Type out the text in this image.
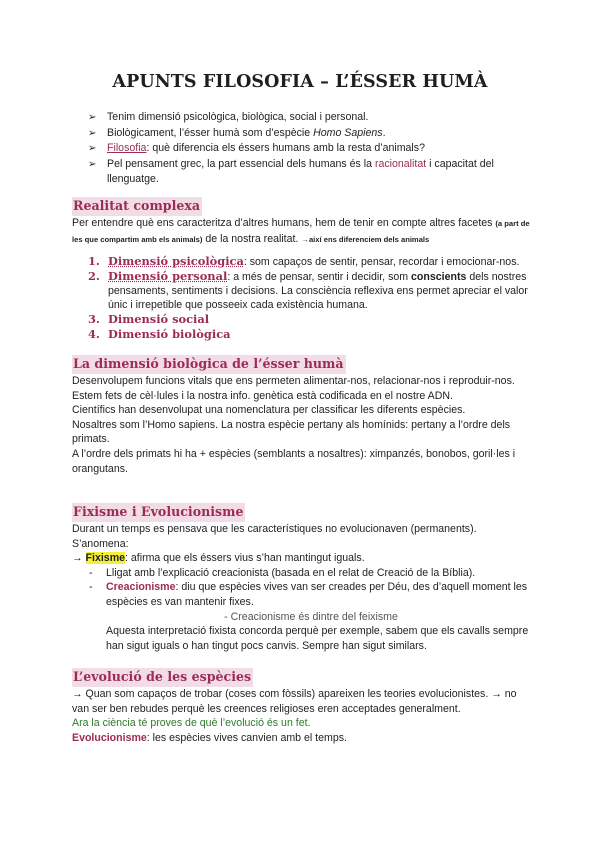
APUNTS FILOSOFIA – L’ÉSSER HUMÀ
➢ Tenim dimensió psicològica, biològica, social i personal.
➢ Biològicament, l’ésser humà som d’espècie Homo Sapiens.
➢ Filosofia: què diferencia els éssers humans amb la resta d’animals?
➢ Pel pensament grec, la part essencial dels humans és la racionalitat i capacitat del llenguatge.
Realitat complexa
Per entendre què ens caracteritza d’altres humans, hem de tenir en compte altres facetes (a part de les que compartim amb els animals) de la nostra realitat. →així ens diferenciem dels animals
1. Dimensió psicològica: som capaços de sentir, pensar, recordar i emocionar-nos.
2. Dimensió personal: a més de pensar, sentir i decidir, som conscients dels nostres pensaments, sentiments i decisions. La consciència reflexiva ens permet apreciar el valor únic i irrepetible que posseeix cada existència humana.
3. Dimensió social
4. Dimensió biològica
La dimensió biològica de l’ésser humà
Desenvolupem funcions vitals que ens permeten alimentar-nos, relacionar-nos i reproduir-nos.
Estem fets de cèl·lules i la nostra info. genètica està codificada en el nostre ADN.
Científics han desenvolupat una nomenclatura per classificar les diferents espècies.
Nosaltres som l’Homo sapiens. La nostra espècie pertany als homínids: pertany a l’ordre dels primats.
A l’ordre dels primats hi ha + espècies (semblants a nosaltres): ximpanzés, bonobos, goril·les i orangutans.
Fixisme i Evolucionisme
Durant un temps es pensava que les característiques no evolucionaven (permanents). S’anomena:
→ Fixisme: afirma que els éssers vius s’han mantingut iguals.
- Lligat amb l’explicació creacionista (basada en el relat de Creació de la Bíblia).
- Creacionisme: diu que espècies vives van ser creades per Déu, des d’aquell moment les espècies es van mantenir fixes.
- Creacionisme és dintre del feixisme
Aquesta interpretació fixista concorda perquè per exemple, sabem que els cavalls sempre han sigut iguals o han tingut pocs canvis. Sempre han sigut similars.
L’evolució de les espècies
→ Quan som capaços de trobar (coses com fòssils) apareixen les teories evolucionistes. → no van ser ben rebudes perquè les creences religioses eren acceptades generalment.
Ara la ciència té proves de què l’evolució és un fet.
Evolucionisme: les espècies vives canvien amb el temps.
